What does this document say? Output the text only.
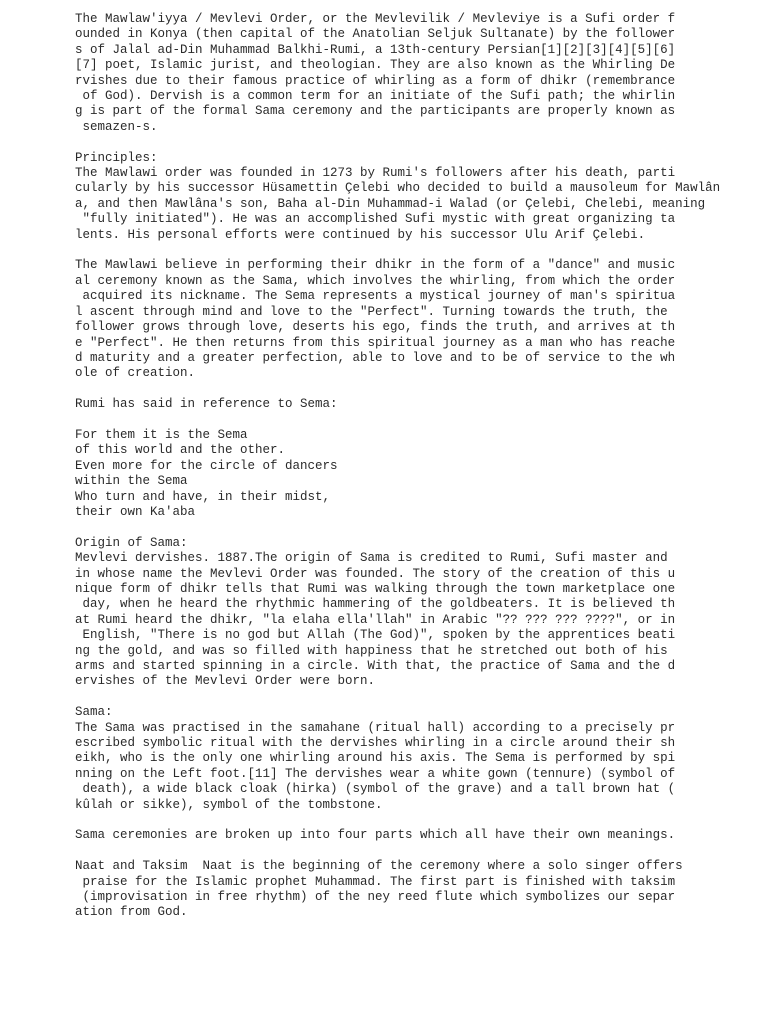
The Mawlaw'iyya / Mevlevi Order, or the Mevlevilik / Mevleviye is a Sufi order f
ounded in Konya (then capital of the Anatolian Seljuk Sultanate) by the follower
s of Jalal ad-Din Muhammad Balkhi-Rumi, a 13th-century Persian[1][2][3][4][5][6]
[7] poet, Islamic jurist, and theologian. They are also known as the Whirling De
rvishes due to their famous practice of whirling as a form of dhikr (remembrance
of God). Dervish is a common term for an initiate of the Sufi path; the whirlin
g is part of the formal Sama ceremony and the participants are properly known as
semazen-s.

Principles:
The Mawlawi order was founded in 1273 by Rumi's followers after his death, parti
cularly by his successor Hüsamettin Çelebi who decided to build a mausoleum for Mawlân
a, and then Mawlâna's son, Baha al-Din Muhammad-i Walad (or Çelebi, Chelebi, meaning
"fully initiated"). He was an accomplished Sufi mystic with great organizing ta
lents. His personal efforts were continued by his successor Ulu Arif Çelebi.

The Mawlawi believe in performing their dhikr in the form of a "dance" and music
al ceremony known as the Sama, which involves the whirling, from which the order
acquired its nickname. The Sema represents a mystical journey of man's spiritua
l ascent through mind and love to the "Perfect". Turning towards the truth, the
follower grows through love, deserts his ego, finds the truth, and arrives at th
e "Perfect". He then returns from this spiritual journey as a man who has reache
d maturity and a greater perfection, able to love and to be of service to the wh
ole of creation.

Rumi has said in reference to Sema:

For them it is the Sema
of this world and the other.
Even more for the circle of dancers
within the Sema
Who turn and have, in their midst,
their own Ka'aba

Origin of Sama:
Mevlevi dervishes. 1887.The origin of Sama is credited to Rumi, Sufi master and
in whose name the Mevlevi Order was founded. The story of the creation of this u
nique form of dhikr tells that Rumi was walking through the town marketplace one
day, when he heard the rhythmic hammering of the goldbeaters. It is believed th
at Rumi heard the dhikr, "la elaha ella'llah" in Arabic "?? ??? ??? ????", or in
English, "There is no god but Allah (The God)", spoken by the apprentices beati
ng the gold, and was so filled with happiness that he stretched out both of his
arms and started spinning in a circle. With that, the practice of Sama and the d
ervishes of the Mevlevi Order were born.

Sama:
The Sama was practised in the samahane (ritual hall) according to a precisely pr
escribed symbolic ritual with the dervishes whirling in a circle around their sh
eikh, who is the only one whirling around his axis. The Sema is performed by spi
nning on the Left foot.[11] The dervishes wear a white gown (tennure) (symbol of
death), a wide black cloak (hirka) (symbol of the grave) and a tall brown hat (
kûlah or sikke), symbol of the tombstone.

Sama ceremonies are broken up into four parts which all have their own meanings.

Naat and Taksim  Naat is the beginning of the ceremony where a solo singer offers
praise for the Islamic prophet Muhammad. The first part is finished with taksim
(improvisation in free rhythm) of the ney reed flute which symbolizes our separ
ation from God.
